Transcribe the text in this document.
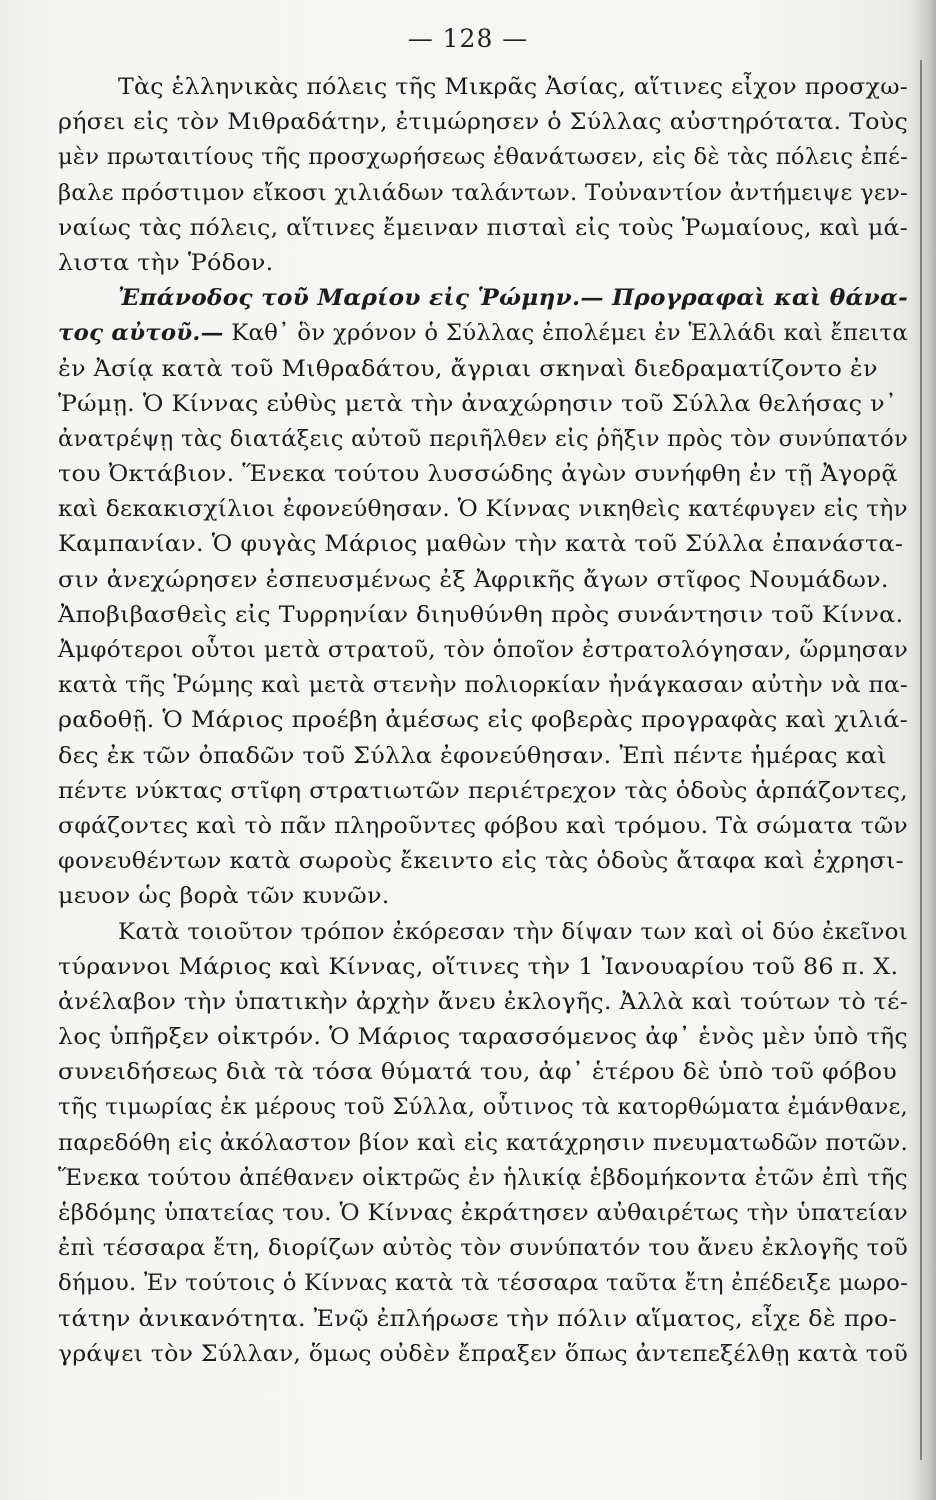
— 128 —
Τὰς ἑλληνικὰς πόλεις τῆς Μικρᾶς Ἀσίας, αἵτινες εἶχον προσχω-
ρήσει εἰς τὸν Μιθραδάτην, ἐτιμώρησεν ὁ Σύλλας αὐστηρότατα. Τοὺς
μὲν πρωταιτίους τῆς προσχωρήσεως ἐθανάτωσεν, εἰς δὲ τὰς πόλεις ἐπέ-
βαλε πρόστιμον εἴκοσι χιλιάδων ταλάντων. Τοὐναντίον ἀντήμειψε γεν-
ναίως τὰς πόλεις, αἵτινες ἔμειναν πισταὶ εἰς τοὺς Ῥωμαίους, καὶ μά-
λιστα τὴν Ῥόδον.
Ἐπάνοδος τοῦ Μαρίου εἰς Ῥώμην.— Προγραφαὶ καὶ θάνα-
τος αὐτοῦ.— Καθ᾿ ὃν χρόνον ὁ Σύλλας ἐπολέμει ἐν Ἑλλάδι καὶ ἔπειτα
ἐν Ἀσίᾳ κατὰ τοῦ Μιθραδάτου, ἄγριαι σκηναὶ διεδραματίζοντο ἐν
Ῥώμῃ. Ὁ Κίννας εὐθὺς μετὰ τὴν ἀναχώρησιν τοῦ Σύλλα θελήσας ν᾿
ἀνατρέψῃ τὰς διατάξεις αὐτοῦ περιῆλθεν εἰς ῥῆξιν πρὸς τὸν συνύπατόν
του Ὀκτάβιον. Ἕνεκα τούτου λυσσώδης ἀγὼν συνήφθη ἐν τῇ Ἀγορᾷ
καὶ δεκακισχίλιοι ἐφονεύθησαν. Ὁ Κίννας νικηθεὶς κατέφυγεν εἰς τὴν
Καμπανίαν. Ὁ φυγὰς Μάριος μαθὼν τὴν κατὰ τοῦ Σύλλα ἐπανάστα-
σιν ἀνεχώρησεν ἐσπευσμένως ἐξ Ἀφρικῆς ἄγων στῖφος Νουμάδων.
Ἀποβιβασθεὶς εἰς Τυρρηνίαν διηυθύνθη πρὸς συνάντησιν τοῦ Κίννα.
Ἀμφότεροι οὗτοι μετὰ στρατοῦ, τὸν ὁποῖον ἐστρατολόγησαν, ὥρμησαν
κατὰ τῆς Ῥώμης καὶ μετὰ στενὴν πολιορκίαν ἠνάγκασαν αὐτὴν νὰ πα-
ραδοθῇ. Ὁ Μάριος προέβη ἀμέσως εἰς φοβερὰς προγραφὰς καὶ χιλιά-
δες ἐκ τῶν ὀπαδῶν τοῦ Σύλλα ἐφονεύθησαν. Ἐπὶ πέντε ἡμέρας καὶ
πέντε νύκτας στῖφη στρατιωτῶν περιέτρεχον τὰς ὁδοὺς ἁρπάζοντες,
σφάζοντες καὶ τὸ πᾶν πληροῦντες φόβου καὶ τρόμου. Τὰ σώματα τῶν
φονευθέντων κατὰ σωροὺς ἔκειντο εἰς τὰς ὁδοὺς ἄταφα καὶ ἐχρησι-
μευον ὡς βορὰ τῶν κυνῶν.
Κατὰ τοιοῦτον τρόπον ἐκόρεσαν τὴν δίψαν των καὶ οἱ δύο ἐκεῖνοι
τύραννοι Μάριος καὶ Κίννας, οἵτινες τὴν 1 Ἰανουαρίου τοῦ 86 π. Χ.
ἀνέλαβον τὴν ὑπατικὴν ἀρχὴν ἄνευ ἐκλογῆς. Ἀλλὰ καὶ τούτων τὸ τέ-
λος ὑπῆρξεν οἰκτρόν. Ὁ Μάριος ταρασσόμενος ἀφ᾿ ἑνὸς μὲν ὑπὸ τῆς
συνειδήσεως διὰ τὰ τόσα θύματά του, ἀφ᾿ ἑτέρου δὲ ὑπὸ τοῦ φόβου
τῆς τιμωρίας ἐκ μέρους τοῦ Σύλλα, οὗτινος τὰ κατορθώματα ἐμάνθανε,
παρεδόθη εἰς ἀκόλαστον βίον καὶ εἰς κατάχρησιν πνευματωδῶν ποτῶν.
Ἕνεκα τούτου ἀπέθανεν οἰκτρῶς ἐν ἡλικίᾳ ἑβδομήκοντα ἐτῶν ἐπὶ τῆς
ἑβδόμης ὑπατείας του. Ὁ Κίννας ἐκράτησεν αὐθαιρέτως τὴν ὑπατείαν
ἐπὶ τέσσαρα ἔτη, διορίζων αὐτὸς τὸν συνύπατόν του ἄνευ ἐκλογῆς τοῦ
δήμου. Ἐν τούτοις ὁ Κίννας κατὰ τὰ τέσσαρα ταῦτα ἔτη ἐπέδειξε μωρο-
τάτην ἀνικανότητα. Ἐνῷ ἐπλήρωσε τὴν πόλιν αἵματος, εἶχε δὲ προ-
γράψει τὸν Σύλλαν, ὅμως οὐδὲν ἔπραξεν ὅπως ἀντεπεξέλθῃ κατὰ τοῦ
